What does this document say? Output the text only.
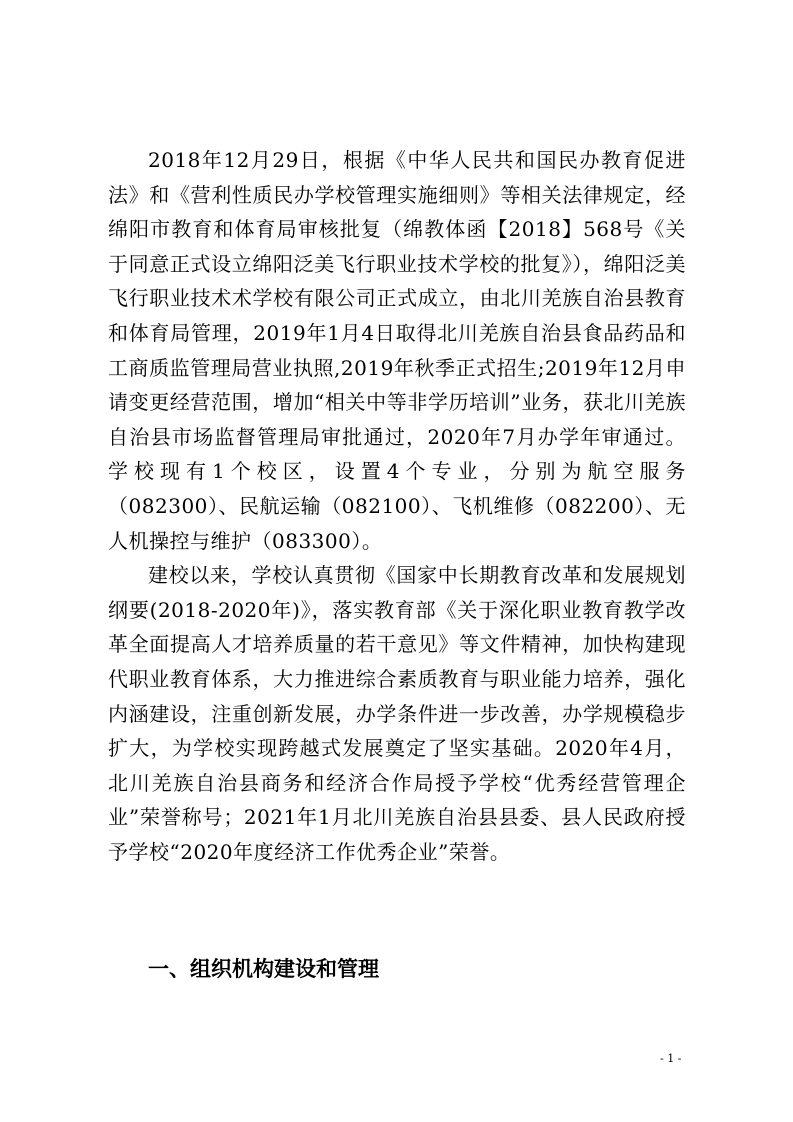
2018年12月29日，根据《中华人民共和国民办教育促进法》和《营利性质民办学校管理实施细则》等相关法律规定，经绵阳市教育和体育局审核批复（绵教体函【2018】568号《关于同意正式设立绵阳泛美飞行职业技术学校的批复》），绵阳泛美飞行职业技术术学校有限公司正式成立，由北川羌族自治县教育和体育局管理，2019年1月4日取得北川羌族自治县食品药品和工商质监管理局营业执照,2019年秋季正式招生;2019年12月申请变更经营范围，增加“相关中等非学历培训”业务，获北川羌族自治县市场监督管理局审批通过，2020年7月办学年审通过。学校现有1个校区，设置4个专业，分别为航空服务（082300）、民航运输（082100）、飞机维修（082200）、无人机操控与维护（083300）。

建校以来，学校认真贯彻《国家中长期教育改革和发展规划纲要(2018-2020年)》，落实教育部《关于深化职业教育教学改革全面提高人才培养质量的若干意见》等文件精神，加快构建现代职业教育体系，大力推进综合素质教育与职业能力培养，强化内涵建设，注重创新发展，办学条件进一步改善，办学规模稳步扩大，为学校实现跨越式发展奠定了坚实基础。2020年4月，北川羌族自治县商务和经济合作局授予学校“优秀经营管理企业”荣誉称号；2021年1月北川羌族自治县县委、县人民政府授予学校“2020年度经济工作优秀企业”荣誉。

一、组织机构建设和管理
- 1 -
